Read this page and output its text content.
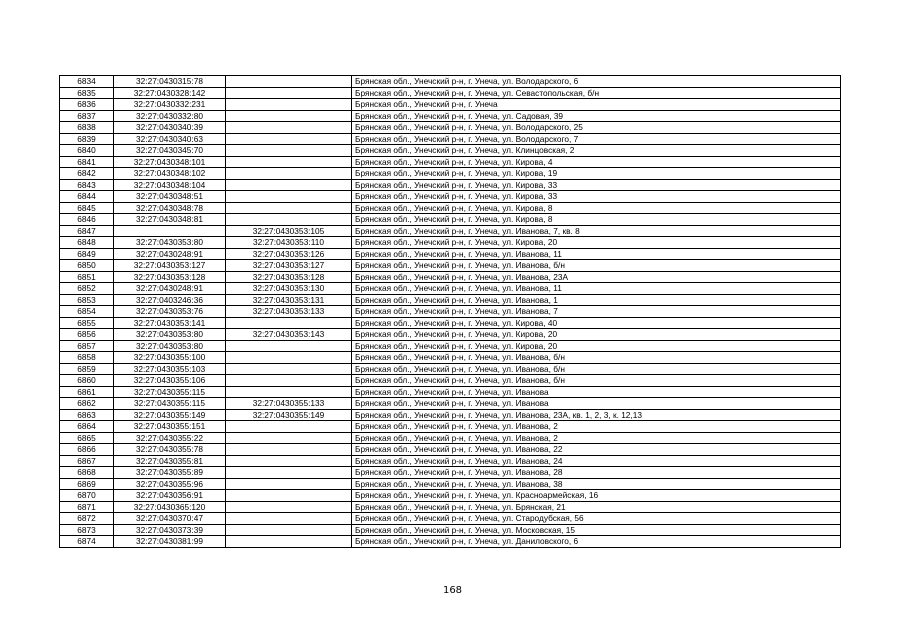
6834	32:27:0430315:78		Брянская обл., Унечский р-н, г. Унеча, ул. Володарского, 6
6835	32:27:0430328:142		Брянская обл., Унечский р-н, г. Унеча, ул. Севастопольская, б/н
6836	32:27:0430332:231		Брянская обл., Унечский р-н, г. Унеча
6837	32:27:0430332:80		Брянская обл., Унечский р-н, г. Унеча, ул. Садовая, 39
6838	32:27:0430340:39		Брянская обл., Унечский р-н, г. Унеча, ул. Володарского, 25
6839	32:27:0430340:63		Брянская обл., Унечский р-н, г. Унеча, ул. Володарского, 7
6840	32:27:0430345:70		Брянская обл., Унечский р-н, г. Унеча, ул. Клинцовская, 2
6841	32:27:0430348:101		Брянская обл., Унечский р-н, г. Унеча, ул. Кирова, 4
6842	32:27:0430348:102		Брянская обл., Унечский р-н, г. Унеча, ул. Кирова, 19
6843	32:27:0430348:104		Брянская обл., Унечский р-н, г. Унеча, ул. Кирова, 33
6844	32:27:0430348:51		Брянская обл., Унечский р-н, г. Унеча, ул. Кирова, 33
6845	32:27:0430348:78		Брянская обл., Унечский р-н, г. Унеча, ул. Кирова, 8
6846	32:27:0430348:81		Брянская обл., Унечский р-н, г. Унеча, ул. Кирова, 8
6847		32:27:0430353:105	Брянская обл., Унечский р-н, г. Унеча, ул. Иванова, 7, кв. 8
6848	32:27:0430353:80	32:27:0430353:110	Брянская обл., Унечский р-н, г. Унеча, ул. Кирова, 20
6849	32:27:0430248:91	32:27:0430353:126	Брянская обл., Унечский р-н, г. Унеча, ул. Иванова, 11
6850	32:27:0430353:127	32:27:0430353:127	Брянская обл., Унечский р-н, г. Унеча, ул. Иванова, б/н
6851	32:27:0430353:128	32:27:0430353:128	Брянская обл., Унечский р-н, г. Унеча, ул. Иванова, 23А
6852	32:27:0430248:91	32:27:0430353:130	Брянская обл., Унечский р-н, г. Унеча, ул. Иванова, 11
6853	32:27:0403246:36	32:27:0430353:131	Брянская обл., Унечский р-н, г. Унеча, ул. Иванова, 1
6854	32:27:0430353:76	32:27:0430353:133	Брянская обл., Унечский р-н, г. Унеча, ул. Иванова, 7
6855	32:27:0430353:141		Брянская обл., Унечский р-н, г. Унеча, ул. Кирова, 40
6856	32:27:0430353:80	32:27:0430353:143	Брянская обл., Унечский р-н, г. Унеча, ул. Кирова, 20
6857	32:27:0430353:80		Брянская обл., Унечский р-н, г. Унеча, ул. Кирова, 20
6858	32:27:0430355:100		Брянская обл., Унечский р-н, г. Унеча, ул. Иванова, б/н
6859	32:27:0430355:103		Брянская обл., Унечский р-н, г. Унеча, ул. Иванова, б/н
6860	32:27:0430355:106		Брянская обл., Унечский р-н, г. Унеча, ул. Иванова, б/н
6861	32:27:0430355:115		Брянская обл., Унечский р-н, г. Унеча, ул. Иванова
6862	32:27:0430355:115	32:27:0430355:133	Брянская обл., Унечский р-н, г. Унеча, ул. Иванова
6863	32:27:0430355:149	32:27:0430355:149	Брянская обл., Унечский р-н, г. Унеча, ул. Иванова, 23А, кв. 1, 2, 3, к. 12,13
6864	32:27:0430355:151		Брянская обл., Унечский р-н, г. Унеча, ул. Иванова, 2
6865	32:27:0430355:22		Брянская обл., Унечский р-н, г. Унеча, ул. Иванова, 2
6866	32:27:0430355:78		Брянская обл., Унечский р-н, г. Унеча, ул. Иванова, 22
6867	32:27:0430355:81		Брянская обл., Унечский р-н, г. Унеча, ул. Иванова, 24
6868	32:27:0430355:89		Брянская обл., Унечский р-н, г. Унеча, ул. Иванова, 28
6869	32:27:0430355:96		Брянская обл., Унечский р-н, г. Унеча, ул. Иванова, 38
6870	32:27:0430356:91		Брянская обл., Унечский р-н, г. Унеча, ул. Красноармейская, 16
6871	32:27:0430365:120		Брянская обл., Унечский р-н, г. Унеча, ул. Брянская, 21
6872	32:27:0430370:47		Брянская обл., Унечский р-н, г. Унеча, ул. Стародубская, 56
6873	32:27:0430373:39		Брянская обл., Унечский р-н, г. Унеча, ул. Московская, 15
6874	32:27:0430381:99		Брянская обл., Унечский р-н, г. Унеча, ул. Даниловского, 6
168
